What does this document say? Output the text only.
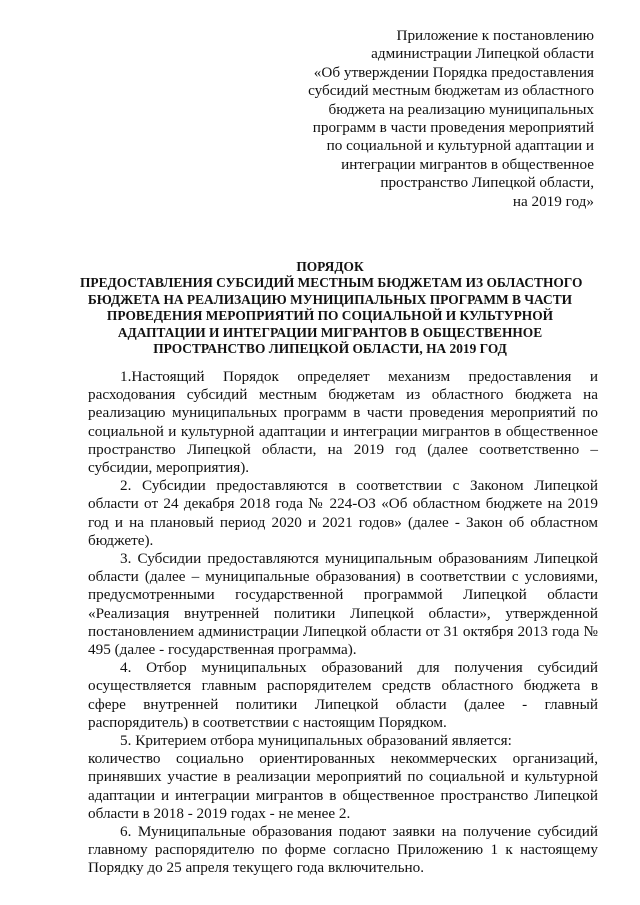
Приложение к постановлению
администрации Липецкой области
«Об утверждении Порядка предоставления
субсидий местным бюджетам из областного
бюджета на реализацию муниципальных
программ в части проведения мероприятий
по социальной и культурной адаптации и
интеграции мигрантов в общественное
пространство Липецкой области,
на 2019 год»
ПОРЯДОК
ПРЕДОСТАВЛЕНИЯ СУБСИДИЙ МЕСТНЫМ БЮДЖЕТАМ ИЗ ОБЛАСТНОГО
БЮДЖЕТА НА РЕАЛИЗАЦИЮ МУНИЦИПАЛЬНЫХ ПРОГРАММ В ЧАСТИ
ПРОВЕДЕНИЯ МЕРОПРИЯТИЙ ПО СОЦИАЛЬНОЙ И КУЛЬТУРНОЙ
АДАПТАЦИИ И ИНТЕГРАЦИИ МИГРАНТОВ В ОБЩЕСТВЕННОЕ
ПРОСТРАНСТВО ЛИПЕЦКОЙ ОБЛАСТИ, НА 2019 ГОД

1.Настоящий Порядок определяет механизм предоставления и расходования субсидий местным бюджетам из областного бюджета на реализацию муниципальных программ в части проведения мероприятий по социальной и культурной адаптации и интеграции мигрантов в общественное пространство Липецкой области, на 2019 год (далее соответственно – субсидии, мероприятия).

2. Субсидии предоставляются в соответствии с Законом Липецкой области от 24 декабря 2018 года № 224-ОЗ «Об областном бюджете на 2019 год и на плановый период 2020 и 2021 годов» (далее - Закон об областном бюджете).

3. Субсидии предоставляются муниципальным образованиям Липецкой области (далее – муниципальные образования) в соответствии с условиями, предусмотренными государственной программой Липецкой области «Реализация внутренней политики Липецкой области», утвержденной постановлением администрации Липецкой области от 31 октября 2013 года № 495 (далее - государственная программа).

4. Отбор муниципальных образований для получения субсидий осуществляется главным распорядителем средств областного бюджета в сфере внутренней политики Липецкой области (далее - главный распорядитель) в соответствии с настоящим Порядком.

5. Критерием отбора муниципальных образований является:

количество социально ориентированных некоммерческих организаций, принявших участие в реализации мероприятий по социальной и культурной адаптации и интеграции мигрантов в общественное пространство Липецкой области в 2018 - 2019 годах - не менее 2.

6. Муниципальные образования подают заявки на получение субсидий главному распорядителю по форме согласно Приложению 1 к настоящему Порядку до 25 апреля текущего года включительно.
